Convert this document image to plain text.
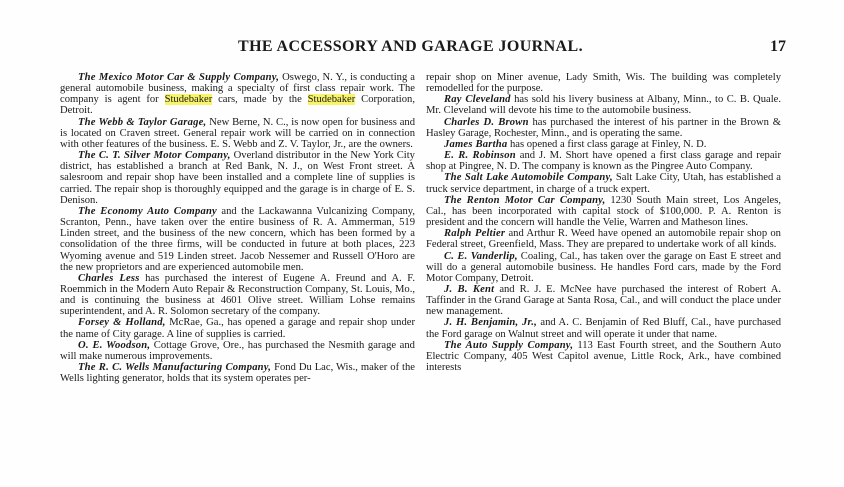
THE ACCESSORY AND GARAGE JOURNAL.	17

The Mexico Motor Car & Supply Company, Oswego, N. Y., is conducting a general automobile business, making a specialty of first class repair work. The company is agent for Studebaker cars, made by the Studebaker Corporation, Detroit.

The Webb & Taylor Garage, New Berne, N. C., is now open for business and is located on Craven street. General repair work will be carried on in connection with other features of the business. E. S. Webb and Z. V. Taylor, Jr., are the owners.

The C. T. Silver Motor Company, Overland distributor in the New York City district, has established a branch at Red Bank, N. J., on West Front street. A salesroom and repair shop have been installed and a complete line of supplies is carried. The repair shop is thoroughly equipped and the garage is in charge of E. S. Denison.

The Economy Auto Company and the Lackawanna Vulcanizing Company, Scranton, Penn., have taken over the entire business of R. A. Ammerman, 519 Linden street, and the business of the new concern, which has been formed by a consolidation of the three firms, will be conducted in future at both places, 223 Wyoming avenue and 519 Linden street. Jacob Nessemer and Russell O'Horo are the new proprietors and are experienced automobile men.

Charles Less has purchased the interest of Eugene A. Freund and A. F. Roemmich in the Modern Auto Repair & Reconstruction Company, St. Louis, Mo., and is continuing the business at 4601 Olive street. William Lohse remains superintendent, and A. R. Solomon secretary of the company.

Forsey & Holland, McRae, Ga., has opened a garage and repair shop under the name of City garage. A line of supplies is carried.

O. E. Woodson, Cottage Grove, Ore., has purchased the Nesmith garage and will make numerous improvements.

The R. C. Wells Manufacturing Company, Fond Du Lac, Wis., maker of the Wells lighting generator, holds that its system operates per-

repair shop on Miner avenue, Lady Smith, Wis. The building was completely remodelled for the purpose.

Ray Cleveland has sold his livery business at Albany, Minn., to C. B. Quale. Mr. Cleveland will devote his time to the automobile business.

Charles D. Brown has purchased the interest of his partner in the Brown & Hasley Garage, Rochester, Minn., and is operating the same.

James Bartha has opened a first class garage at Finley, N. D.

E. R. Robinson and J. M. Short have opened a first class garage and repair shop at Pingree, N. D. The company is known as the Pingree Auto Company.

The Salt Lake Automobile Company, Salt Lake City, Utah, has established a truck service department, in charge of a truck expert.

The Renton Motor Car Company, 1230 South Main street, Los Angeles, Cal., has been incorporated with capital stock of $100,000. P. A. Renton is president and the concern will handle the Velie, Warren and Matheson lines.

Ralph Peltier and Arthur R. Weed have opened an automobile repair shop on Federal street, Greenfield, Mass. They are prepared to undertake work of all kinds.

C. E. Vanderlip, Coaling, Cal., has taken over the garage on East E street and will do a general automobile business. He handles Ford cars, made by the Ford Motor Company, Detroit.

J. B. Kent and R. J. E. McNee have purchased the interest of Robert A. Taffinder in the Grand Garage at Santa Rosa, Cal., and will conduct the place under new management.

J. H. Benjamin, Jr., and A. C. Benjamin of Red Bluff, Cal., have purchased the Ford garage on Walnut street and will operate it under that name.

The Auto Supply Company, 113 East Fourth street, and the Southern Auto Electric Company, 405 West Capitol avenue, Little Rock, Ark., have combined interests
